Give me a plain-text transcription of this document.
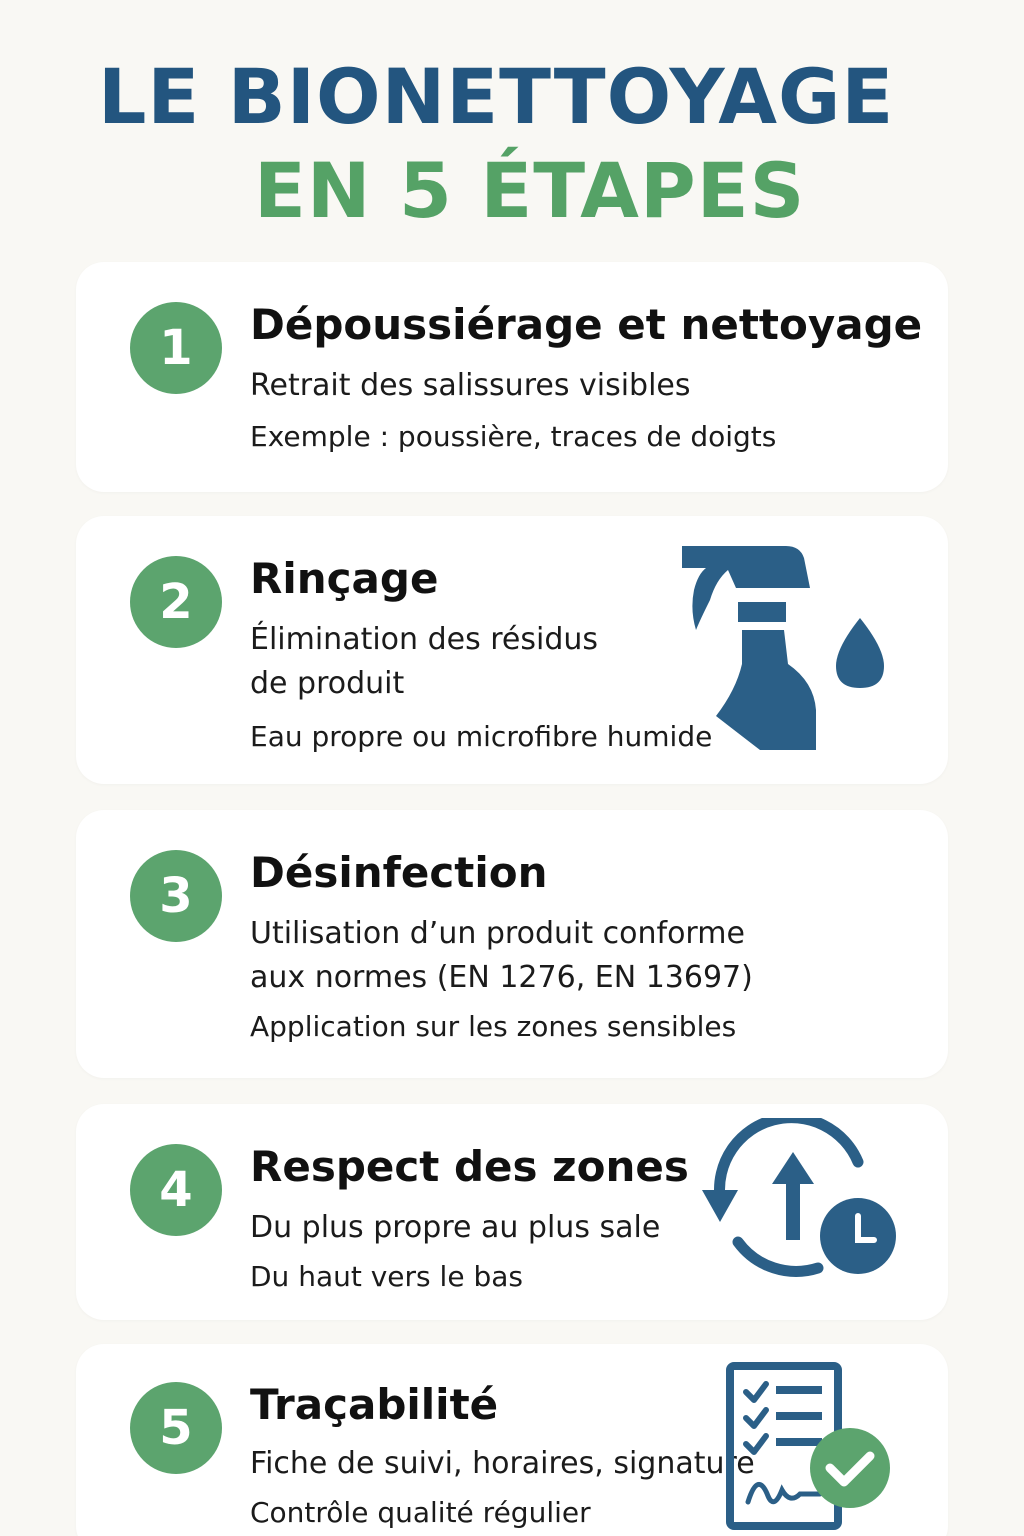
LE BIONETTOYAGE
EN 5 ÉTAPES
1	Dépoussiérage et nettoyage
Retrait des salissures visibles
Exemple : poussière, traces de doigts
2	Rinçage
Élimination des résidus
de produit
Eau propre ou microfibre humide
3	Désinfection
Utilisation d’un produit conforme
aux normes (EN 1276, EN 13697)
Application sur les zones sensibles
4	Respect des zones
Du plus propre au plus sale
Du haut vers le bas
5	Traçabilité
Fiche de suivi, horaires, signature
Contrôle qualité régulier
